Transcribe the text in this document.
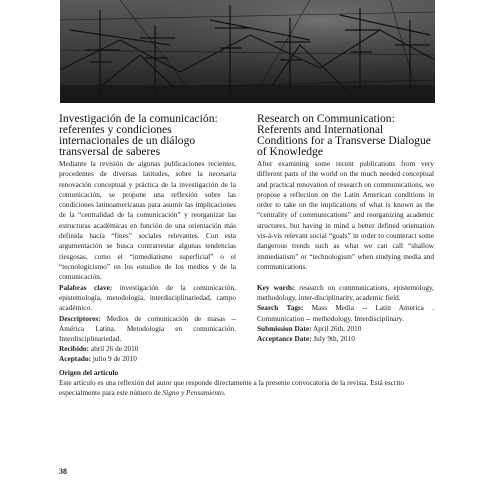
Investigación de la comunicación: referentes y condiciones internacionales de un diálogo transversal de saberes
Research on Communication: Referents and International Conditions for a Transverse Dialogue of Knowledge

Mediante la revisión de algunas publicaciones recientes, procedentes de diversas latitudes, sobre la necesaria renovación conceptual y práctica de la investigación de la comunicación, se propone una reflexión sobre las condiciones latinoamericanas para asumir las implicaciones de la “centralidad de la comunicación” y reorganizar las estructuras académicas en función de una orientación más definida hacia “fines” sociales relevantes. Con esta argumentación se busca contrarrestar algunas tendencias riesgosas, como el “inmediatismo superficial” o el “tecnologicismo” en los estudios de los medios y de la comunicación.

After examining some recent publications from very different parts of the world on the much needed conceptual and practical renovation of research on communications, we propose a reflection on the Latin American conditions in order to take on the implications of what is known as the “centrality of communications” and reorganizing academic structures, but having in mind a better defined orientation vis-à-vis relevant social “goals” in order to counteract some dangerous trends such as what we can call “shallow immediatism” or “technologism” when studying media and communications.

Palabras clave: investigación de la comunicación, epistemología, metodología, interdisciplinariedad, campo académico.

Descriptores: Medios de comunicación de masas -- América Latina. Metodología en comunicación. Interdisciplinariedad.

Recibido: abril 26 de 2010

Aceptado: julio 9 de 2010

Key words: research on communications, epistemology, methodology, inter-disciplinarity, academic field.

Search Tags: Mass Media -- Latin America . Communication -- methodology. Interdisciplinary.

Submission Date: April 26th, 2010

Acceptance Date: July 9th, 2010

Origen del artículo
Este artículo es una reflexión del autor que responde directamente a la presente convocatoria de la revista. Está escrito especialmente para este número de Signo y Pensamiento.
38
